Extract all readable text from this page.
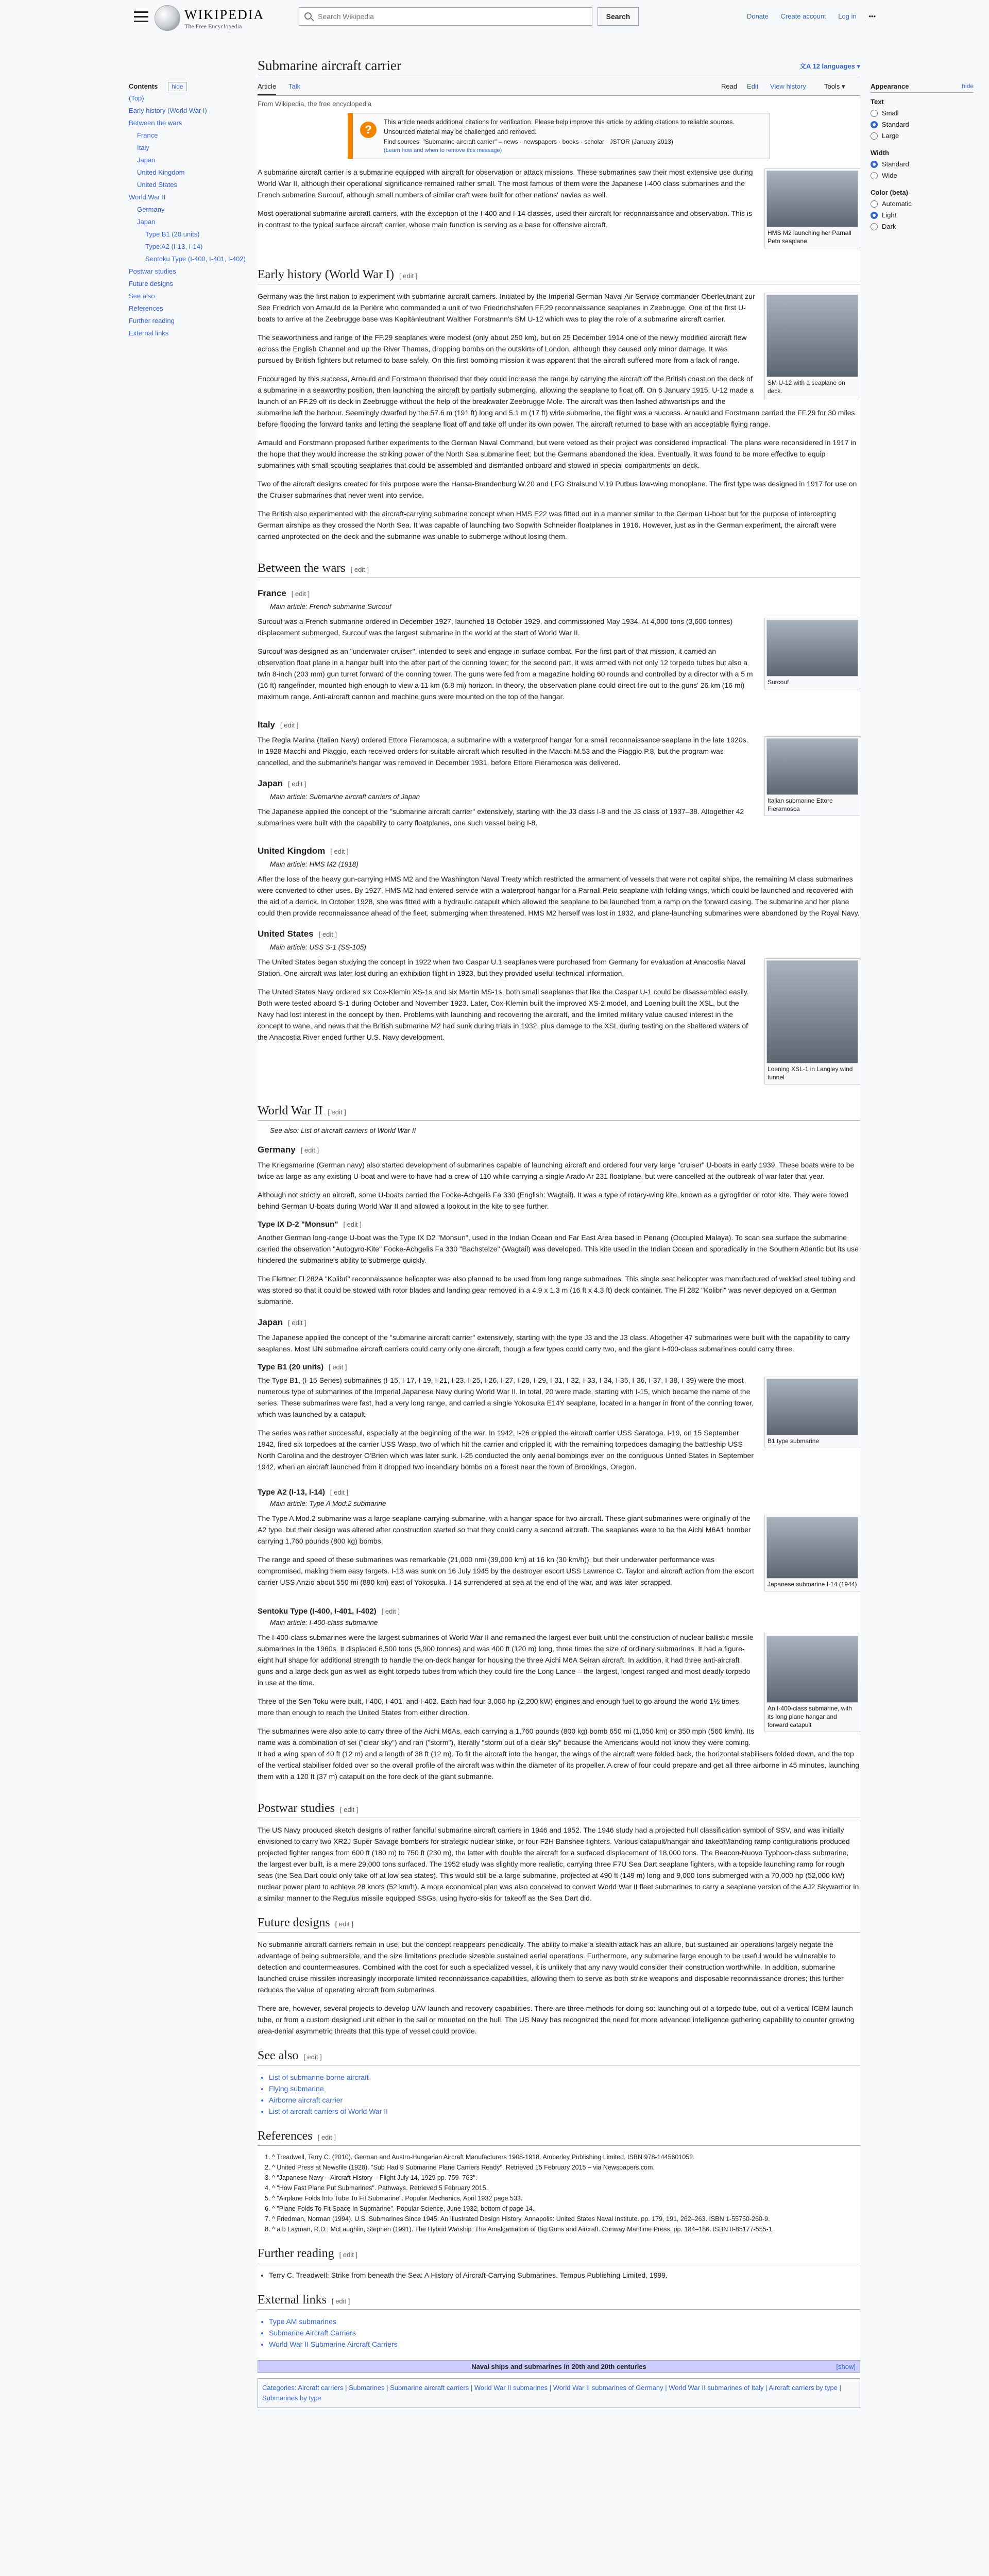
WIKIPEDIA
The Free Encyclopedia
Search Wikipedia
Search	Donate Create account Log in •••
Contents hide
(Top)
Early history (World War I)
Between the wars
France
Italy
Japan
United Kingdom
United States
World War II
Germany
Japan
Type B1 (20 units)
Type A2 (I-13, I-14)
Sentoku Type (I-400, I-401, I-402)
Postwar studies
Future designs
See also
References
Further reading
External links
Submarine aircraft carrier	文A 12 languages ▾
Article Talk	Read Edit View history	Tools ▾
From Wikipedia, the free encyclopedia
?
This article needs additional citations for verification. Please help improve this article by adding citations to reliable sources. Unsourced material may be challenged and removed.
Find sources: "Submarine aircraft carrier" – news · newspapers · books · scholar · JSTOR (January 2013)
(Learn how and when to remove this message)
HMS M2 launching her Parnall Peto seaplane

A submarine aircraft carrier is a submarine equipped with aircraft for observation or attack missions. These submarines saw their most extensive use during World War II, although their operational significance remained rather small. The most famous of them were the Japanese I-400 class submarines and the French submarine Surcouf, although small numbers of similar craft were built for other nations' navies as well.

Most operational submarine aircraft carriers, with the exception of the I-400 and I-14 classes, used their aircraft for reconnaissance and observation. This is in contrast to the typical surface aircraft carrier, whose main function is serving as a base for offensive aircraft.

Early history (World War I) [ edit ]
SM U-12 with a seaplane on deck.

Germany was the first nation to experiment with submarine aircraft carriers. Initiated by the Imperial German Naval Air Service commander Oberleutnant zur See Friedrich von Arnauld de la Perière who commanded a unit of two Friedrichshafen FF.29 reconnaissance seaplanes in Zeebrugge. One of the first U-boats to arrive at the Zeebrugge base was Kapitänleutnant Walther Forstmann's SM U-12 which was to play the role of a submarine aircraft carrier.

The seaworthiness and range of the FF.29 seaplanes were modest (only about 250 km), but on 25 December 1914 one of the newly modified aircraft flew across the English Channel and up the River Thames, dropping bombs on the outskirts of London, although they caused only minor damage. It was pursued by British fighters but returned to base safely. On this first bombing mission it was apparent that the aircraft suffered more from a lack of range.

Encouraged by this success, Arnauld and Forstmann theorised that they could increase the range by carrying the aircraft off the British coast on the deck of a submarine in a seaworthy position, then launching the aircraft by partially submerging, allowing the seaplane to float off. On 6 January 1915, U-12 made a launch of an FF.29 off its deck in Zeebrugge without the help of the breakwater Zeebrugge Mole. The aircraft was then lashed athwartships and the submarine left the harbour. Seemingly dwarfed by the 57.6 m (191 ft) long and 5.1 m (17 ft) wide submarine, the flight was a success. Arnauld and Forstmann carried the FF.29 for 30 miles before flooding the forward tanks and letting the seaplane float off and take off under its own power. The aircraft returned to base with an acceptable flying range.

Arnauld and Forstmann proposed further experiments to the German Naval Command, but were vetoed as their project was considered impractical. The plans were reconsidered in 1917 in the hope that they would increase the striking power of the North Sea submarine fleet; but the Germans abandoned the idea. Eventually, it was found to be more effective to equip submarines with small scouting seaplanes that could be assembled and dismantled onboard and stowed in special compartments on deck.

Two of the aircraft designs created for this purpose were the Hansa-Brandenburg W.20 and LFG Stralsund V.19 Putbus low-wing monoplane. The first type was designed in 1917 for use on the Cruiser submarines that never went into service.

The British also experimented with the aircraft-carrying submarine concept when HMS E22 was fitted out in a manner similar to the German U-boat but for the purpose of intercepting German airships as they crossed the North Sea. It was capable of launching two Sopwith Schneider floatplanes in 1916. However, just as in the German experiment, the aircraft were carried unprotected on the deck and the submarine was unable to submerge without losing them.

Between the wars [ edit ]
France [ edit ]
Main article: French submarine Surcouf
Surcouf

Surcouf was a French submarine ordered in December 1927, launched 18 October 1929, and commissioned May 1934. At 4,000 tons (3,600 tonnes) displacement submerged, Surcouf was the largest submarine in the world at the start of World War II.

Surcouf was designed as an "underwater cruiser", intended to seek and engage in surface combat. For the first part of that mission, it carried an observation float plane in a hangar built into the after part of the conning tower; for the second part, it was armed with not only 12 torpedo tubes but also a twin 8-inch (203 mm) gun turret forward of the conning tower. The guns were fed from a magazine holding 60 rounds and controlled by a director with a 5 m (16 ft) rangefinder, mounted high enough to view a 11 km (6.8 mi) horizon. In theory, the observation plane could direct fire out to the guns' 26 km (16 mi) maximum range. Anti-aircraft cannon and machine guns were mounted on the top of the hangar.

Italy [ edit ]
Italian submarine Ettore Fieramosca

The Regia Marina (Italian Navy) ordered Ettore Fieramosca, a submarine with a waterproof hangar for a small reconnaissance seaplane in the late 1920s. In 1928 Macchi and Piaggio, each received orders for suitable aircraft which resulted in the Macchi M.53 and the Piaggio P.8, but the program was cancelled, and the submarine's hangar was removed in December 1931, before Ettore Fieramosca was delivered.

Japan [ edit ]
Main article: Submarine aircraft carriers of Japan

The Japanese applied the concept of the "submarine aircraft carrier" extensively, starting with the J3 class I-8 and the J3 class of 1937–38. Altogether 42 submarines were built with the capability to carry floatplanes, one such vessel being I-8.

United Kingdom [ edit ]
Main article: HMS M2 (1918)

After the loss of the heavy gun-carrying HMS M2 and the Washington Naval Treaty which restricted the armament of vessels that were not capital ships, the remaining M class submarines were converted to other uses. By 1927, HMS M2 had entered service with a waterproof hangar for a Parnall Peto seaplane with folding wings, which could be launched and recovered with the aid of a derrick. In October 1928, she was fitted with a hydraulic catapult which allowed the seaplane to be launched from a ramp on the forward casing. The submarine and her plane could then provide reconnaissance ahead of the fleet, submerging when threatened. HMS M2 herself was lost in 1932, and plane-launching submarines were abandoned by the Royal Navy.

United States [ edit ]
Main article: USS S-1 (SS-105)
Loening XSL-1 in Langley wind tunnel

The United States began studying the concept in 1922 when two Caspar U.1 seaplanes were purchased from Germany for evaluation at Anacostia Naval Station. One aircraft was later lost during an exhibition flight in 1923, but they provided useful technical information.

The United States Navy ordered six Cox-Klemin XS-1s and six Martin MS-1s, both small seaplanes that like the Caspar U-1 could be disassembled easily. Both were tested aboard S-1 during October and November 1923. Later, Cox-Klemin built the improved XS-2 model, and Loening built the XSL, but the Navy had lost interest in the concept by then. Problems with launching and recovering the aircraft, and the limited military value caused interest in the concept to wane, and news that the British submarine M2 had sunk during trials in 1932, plus damage to the XSL during testing on the sheltered waters of the Anacostia River ended further U.S. Navy development.

World War II [ edit ]
See also: List of aircraft carriers of World War II
Germany [ edit ]

The Kriegsmarine (German navy) also started development of submarines capable of launching aircraft and ordered four very large "cruiser" U-boats in early 1939. These boats were to be twice as large as any existing U-boat and were to have had a crew of 110 while carrying a single Arado Ar 231 floatplane, but were cancelled at the outbreak of war later that year.

Although not strictly an aircraft, some U-boats carried the Focke-Achgelis Fa 330 (English: Wagtail). It was a type of rotary-wing kite, known as a gyroglider or rotor kite. They were towed behind German U-boats during World War II and allowed a lookout in the kite to see further.

Type IX D-2 "Monsun" [ edit ]

Another German long-range U-boat was the Type IX D2 "Monsun", used in the Indian Ocean and Far East Area based in Penang (Occupied Malaya). To scan sea surface the submarine carried the observation "Autogyro-Kite" Focke-Achgelis Fa 330 "Bachstelze" (Wagtail) was developed. This kite used in the Indian Ocean and sporadically in the Southern Atlantic but its use hindered the submarine's ability to submerge quickly.

The Flettner Fl 282A "Kolibri" reconnaissance helicopter was also planned to be used from long range submarines. This single seat helicopter was manufactured of welded steel tubing and was stored so that it could be stowed with rotor blades and landing gear removed in a 4.9 x 1.3 m (16 ft x 4.3 ft) deck container. The Fl 282 "Kolibri" was never deployed on a German submarine.

Japan [ edit ]

The Japanese applied the concept of the "submarine aircraft carrier" extensively, starting with the type J3 and the J3 class. Altogether 47 submarines were built with the capability to carry seaplanes. Most IJN submarine aircraft carriers could carry only one aircraft, though a few types could carry two, and the giant I-400-class submarines could carry three.

Type B1 (20 units) [ edit ]
B1 type submarine

The Type B1, (I-15 Series) submarines (I-15, I-17, I-19, I-21, I-23, I-25, I-26, I-27, I-28, I-29, I-31, I-32, I-33, I-34, I-35, I-36, I-37, I-38, I-39) were the most numerous type of submarines of the Imperial Japanese Navy during World War II. In total, 20 were made, starting with I-15, which became the name of the series. These submarines were fast, had a very long range, and carried a single Yokosuka E14Y seaplane, located in a hangar in front of the conning tower, which was launched by a catapult.

The series was rather successful, especially at the beginning of the war. In 1942, I-26 crippled the aircraft carrier USS Saratoga. I-19, on 15 September 1942, fired six torpedoes at the carrier USS Wasp, two of which hit the carrier and crippled it, with the remaining torpedoes damaging the battleship USS North Carolina and the destroyer O'Brien which was later sunk. I-25 conducted the only aerial bombings ever on the contiguous United States in September 1942, when an aircraft launched from it dropped two incendiary bombs on a forest near the town of Brookings, Oregon.

Type A2 (I-13, I-14) [ edit ]
Main article: Type A Mod.2 submarine
Japanese submarine I-14 (1944)

The Type A Mod.2 submarine was a large seaplane-carrying submarine, with a hangar space for two aircraft. These giant submarines were originally of the A2 type, but their design was altered after construction started so that they could carry a second aircraft. The seaplanes were to be the Aichi M6A1 bomber carrying 1,760 pounds (800 kg) bombs.

The range and speed of these submarines was remarkable (21,000 nmi (39,000 km) at 16 kn (30 km/h)), but their underwater performance was compromised, making them easy targets. I-13 was sunk on 16 July 1945 by the destroyer escort USS Lawrence C. Taylor and aircraft action from the escort carrier USS Anzio about 550 mi (890 km) east of Yokosuka. I-14 surrendered at sea at the end of the war, and was later scrapped.

Sentoku Type (I-400, I-401, I-402) [ edit ]
Main article: I-400-class submarine
An I-400-class submarine, with its long plane hangar and forward catapult

The I-400-class submarines were the largest submarines of World War II and remained the largest ever built until the construction of nuclear ballistic missile submarines in the 1960s. It displaced 6,500 tons (5,900 tonnes) and was 400 ft (120 m) long, three times the size of ordinary submarines. It had a figure-eight hull shape for additional strength to handle the on-deck hangar for housing the three Aichi M6A Seiran aircraft. In addition, it had three anti-aircraft guns and a large deck gun as well as eight torpedo tubes from which they could fire the Long Lance – the largest, longest ranged and most deadly torpedo in use at the time.

Three of the Sen Toku were built, I-400, I-401, and I-402. Each had four 3,000 hp (2,200 kW) engines and enough fuel to go around the world 1½ times, more than enough to reach the United States from either direction.

The submarines were also able to carry three of the Aichi M6As, each carrying a 1,760 pounds (800 kg) bomb 650 mi (1,050 km) or 350 mph (560 km/h). Its name was a combination of sei ("clear sky") and ran ("storm"), literally "storm out of a clear sky" because the Americans would not know they were coming. It had a wing span of 40 ft (12 m) and a length of 38 ft (12 m). To fit the aircraft into the hangar, the wings of the aircraft were folded back, the horizontal stabilisers folded down, and the top of the vertical stabiliser folded over so the overall profile of the aircraft was within the diameter of its propeller. A crew of four could prepare and get all three airborne in 45 minutes, launching them with a 120 ft (37 m) catapult on the fore deck of the giant submarine.

Postwar studies [ edit ]

The US Navy produced sketch designs of rather fanciful submarine aircraft carriers in 1946 and 1952. The 1946 study had a projected hull classification symbol of SSV, and was initially envisioned to carry two XR2J Super Savage bombers for strategic nuclear strike, or four F2H Banshee fighters. Various catapult/hangar and takeoff/landing ramp configurations produced projected fighter ranges from 600 ft (180 m) to 750 ft (230 m), the latter with double the aircraft for a surfaced displacement of 18,000 tons. The Beacon-Nuovo Typhoon-class submarine, the largest ever built, is a mere 29,000 tons surfaced. The 1952 study was slightly more realistic, carrying three F7U Sea Dart seaplane fighters, with a topside launching ramp for rough seas (the Sea Dart could only take off at low sea states). This would still be a large submarine, projected at 490 ft (149 m) long and 9,000 tons submerged with a 70,000 hp (52,000 kW) nuclear power plant to achieve 28 knots (52 km/h). A more economical plan was also conceived to convert World War II fleet submarines to carry a seaplane version of the AJ2 Skywarrior in a similar manner to the Regulus missile equipped SSGs, using hydro-skis for takeoff as the Sea Dart did.

Future designs [ edit ]

No submarine aircraft carriers remain in use, but the concept reappears periodically. The ability to make a stealth attack has an allure, but sustained air operations largely negate the advantage of being submersible, and the size limitations preclude sizeable sustained aerial operations. Furthermore, any submarine large enough to be useful would be vulnerable to detection and countermeasures. Combined with the cost for such a specialized vessel, it is unlikely that any navy would consider their construction worthwhile. In addition, submarine launched cruise missiles increasingly incorporate limited reconnaissance capabilities, allowing them to serve as both strike weapons and disposable reconnaissance drones; this further reduces the value of operating aircraft from submarines.

There are, however, several projects to develop UAV launch and recovery capabilities. There are three methods for doing so: launching out of a torpedo tube, out of a vertical ICBM launch tube, or from a custom designed unit either in the sail or mounted on the hull. The US Navy has recognized the need for more advanced intelligence gathering capability to counter growing area-denial asymmetric threats that this type of vessel could provide.

See also [ edit ]
• List of submarine-borne aircraft
• Flying submarine
• Airborne aircraft carrier
• List of aircraft carriers of World War II
References [ edit ]
1. ^ Treadwell, Terry C. (2010). German and Austro-Hungarian Aircraft Manufacturers 1908-1918. Amberley Publishing Limited. ISBN 978-1445601052.
2. ^ United Press at Newsfile (1928). "Sub Had 9 Submarine Plane Carriers Ready". Retrieved 15 February 2015 – via Newspapers.com.
3. ^ "Japanese Navy – Aircraft History – Flight July 14, 1929 pp. 759–763".
4. ^ "How Fast Plane Put Submarines". Pathways. Retrieved 5 February 2015.
5. ^ "Airplane Folds Into Tube To Fit Submarine". Popular Mechanics, April 1932 page 533.
6. ^ "Plane Folds To Fit Space In Submarine". Popular Science, June 1932, bottom of page 14.
7. ^ Friedman, Norman (1994). U.S. Submarines Since 1945: An Illustrated Design History. Annapolis: United States Naval Institute. pp. 179, 191, 262–263. ISBN 1-55750-260-9.
8. ^ a b Layman, R.D.; McLaughlin, Stephen (1991). The Hybrid Warship: The Amalgamation of Big Guns and Aircraft. Conway Maritime Press. pp. 184–186. ISBN 0-85177-555-1.
Further reading [ edit ]
• Terry C. Treadwell: Strike from beneath the Sea: A History of Aircraft-Carrying Submarines. Tempus Publishing Limited, 1999.
External links [ edit ]
• Type AM submarines
• Submarine Aircraft Carriers
• World War II Submarine Aircraft Carriers
Naval ships and submarines in 20th and 20th centuries	[show]
Categories: Aircraft carriers | Submarines | Submarine aircraft carriers | World War II submarines | World War II submarines of Germany | World War II submarines of Italy | Aircraft carriers by type | Submarines by type

Appearance	hide
Text
Small
Standard
Large
Width
Standard
Wide
Color (beta)
Automatic
Light
Dark
